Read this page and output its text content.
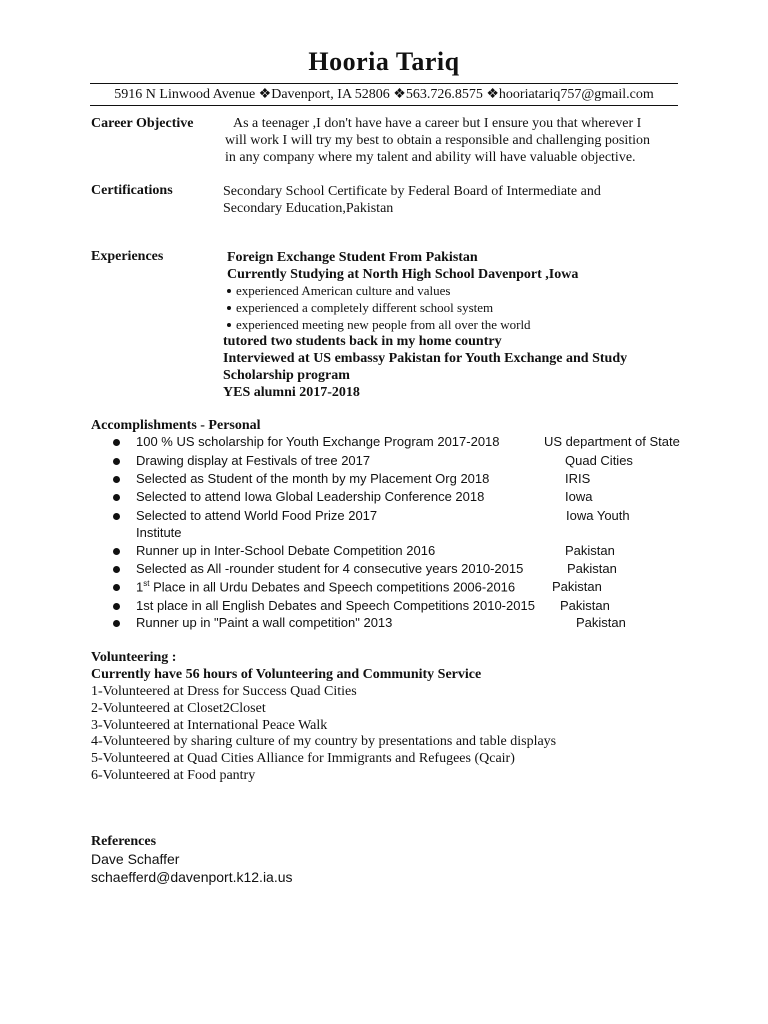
Hooria Tariq
5916 N Linwood Avenue ❖Davenport, IA 52806 ❖563.726.8575 ❖hooriatariq757@gmail.com
Career Objective	As a teenager ,I don't have have a career but I ensure you that wherever I
will work I will try my best to obtain a responsible and challenging position
in any company where my talent and ability will have valuable objective.
Certifications	Secondary School Certificate by Federal Board of Intermediate and
Secondary Education,Pakistan
Experiences	Foreign Exchange Student From Pakistan
Currently Studying at North High School Davenport ,Iowa
experienced American culture and values
experienced a completely different school system
experienced meeting new people from all over the world
tutored two students back in my home country
Interviewed at US embassy Pakistan for Youth Exchange and Study
Scholarship program
YES alumni 2017-2018
Accomplishments - Personal
100 % US scholarship for Youth Exchange Program 2017-2018	US department of State
Drawing display at Festivals of tree 2017	Quad Cities
Selected as Student of the month by my Placement Org 2018	IRIS
Selected to attend Iowa Global Leadership Conference 2018	Iowa
Selected to attend World Food Prize 2017	Iowa Youth
Institute
Runner up in Inter-School Debate Competition 2016	Pakistan
Selected as All -rounder student for 4 consecutive years 2010-2015	Pakistan
1st Place in all Urdu Debates and Speech competitions 2006-2016	Pakistan
1st place in all English Debates and Speech Competitions 2010-2015 Pakistan
Runner up in "Paint a wall competition" 2013	Pakistan
Volunteering :
Currently have 56 hours of Volunteering and Community Service
1-Volunteered at Dress for Success Quad Cities
2-Volunteered at Closet2Closet
3-Volunteered at International Peace Walk
4-Volunteered by sharing culture of my country by presentations and table displays
5-Volunteered at Quad Cities Alliance for Immigrants and Refugees (Qcair)
6-Volunteered at Food pantry
References
Dave Schaffer
schaefferd@davenport.k12.ia.us
